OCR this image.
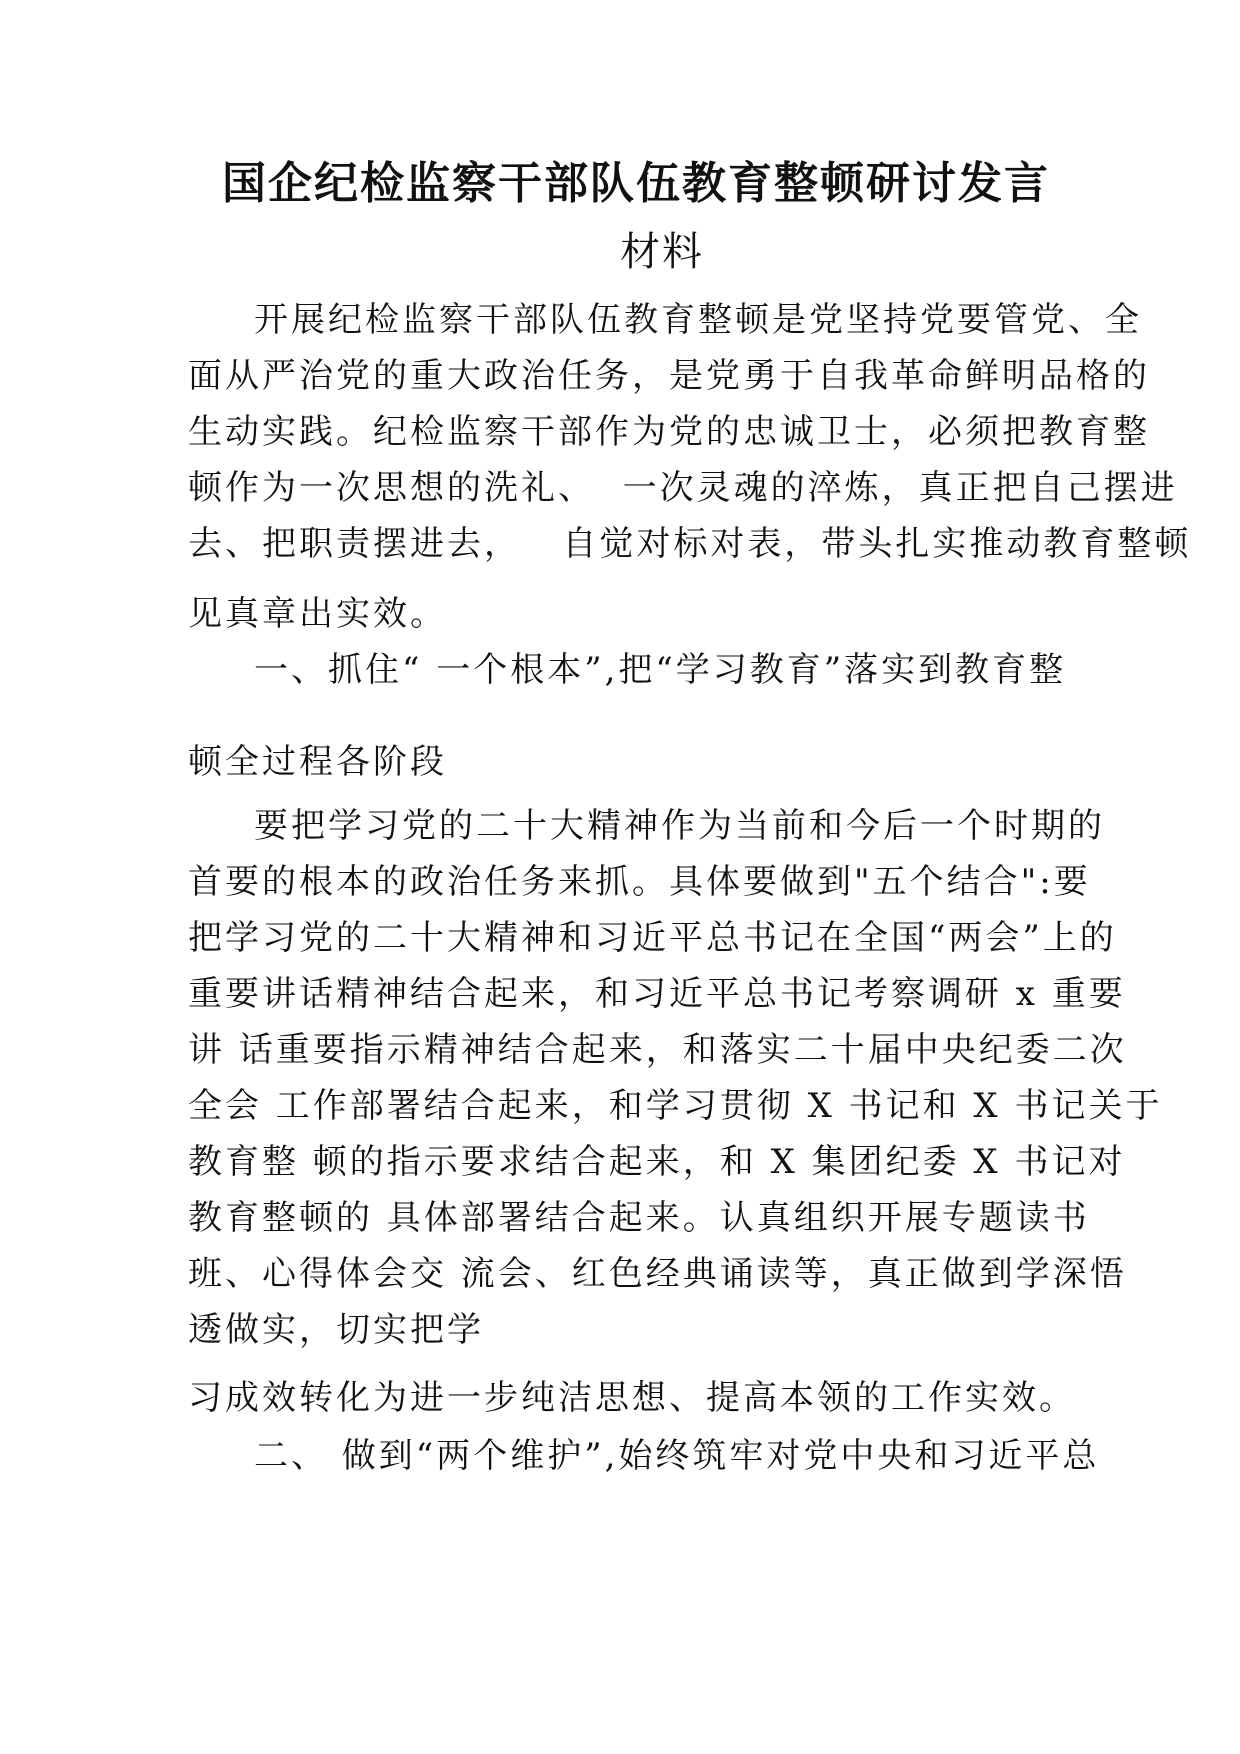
国企纪检监察干部队伍教育整顿研讨发言
材料
开展纪检监察干部队伍教育整顿是党坚持党要管党、全
面从严治党的重大政治任务，是党勇于自我革命鲜明品格的
生动实践。纪检监察干部作为党的忠诚卫士，必须把教育整
顿作为一次思想的洗礼、  一次灵魂的淬炼，真正把自己摆进
去、把职责摆进去，   自觉对标对表，带头扎实推动教育整顿
见真章出实效。
一、抓住“ 一个根本”,把“学习教育”落实到教育整
顿全过程各阶段
要把学习党的二十大精神作为当前和今后一个时期的
首要的根本的政治任务来抓。具体要做到"五个结合":要
把学习党的二十大精神和习近平总书记在全国“两会”上的
重要讲话精神结合起来，和习近平总书记考察调研 x 重要
讲 话重要指示精神结合起来，和落实二十届中央纪委二次
全会 工作部署结合起来，和学习贯彻 X 书记和 X 书记关于
教育整 顿的指示要求结合起来，和 X 集团纪委 X 书记对
教育整顿的 具体部署结合起来。认真组织开展专题读书
班、心得体会交 流会、红色经典诵读等，真正做到学深悟
透做实，切实把学
习成效转化为进一步纯洁思想、提高本领的工作实效。
二、 做到“两个维护”,始终筑牢对党中央和习近平总
